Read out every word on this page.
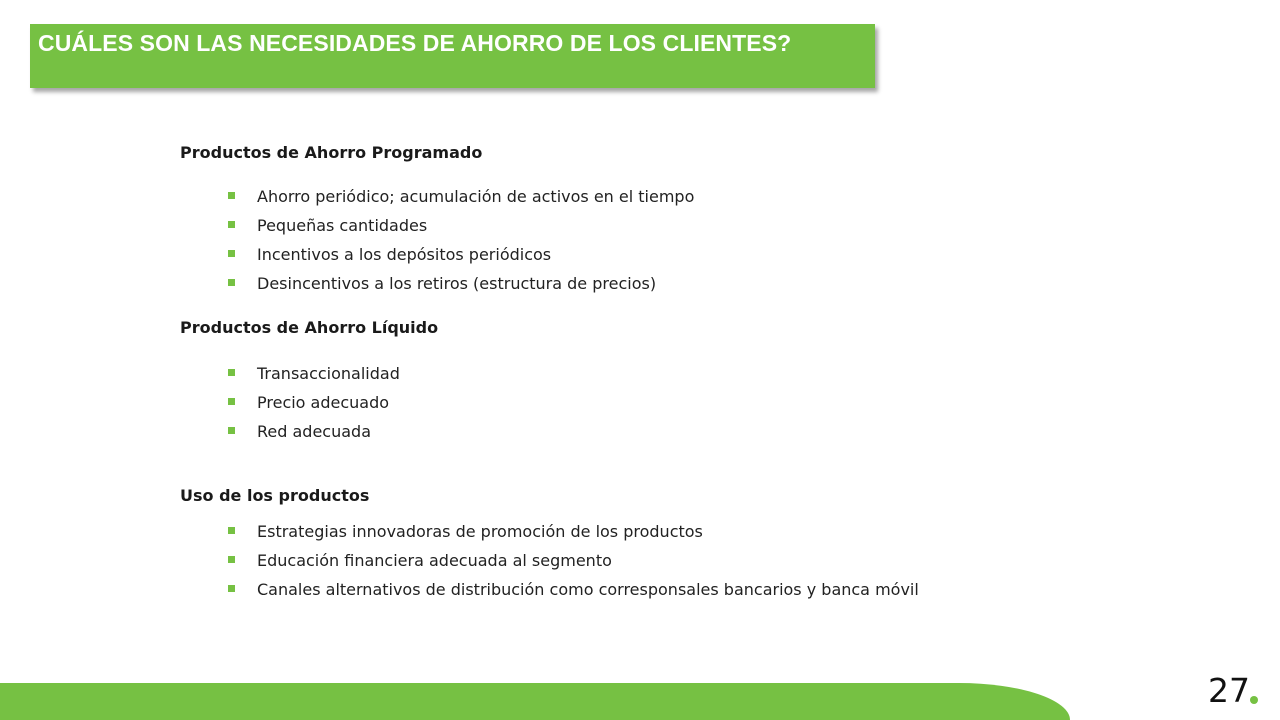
CUÁLES SON LAS NECESIDADES DE AHORRO DE LOS CLIENTES?
Productos de Ahorro Programado
Ahorro periódico; acumulación de activos en el tiempo
Pequeñas cantidades
Incentivos a los depósitos periódicos
Desincentivos a los retiros (estructura de precios)
Productos de Ahorro Líquido
Transaccionalidad
Precio adecuado
Red adecuada
Uso de los productos
Estrategias innovadoras de promoción de los productos
Educación financiera adecuada al segmento
Canales alternativos de distribución como corresponsales bancarios y banca móvil
27
